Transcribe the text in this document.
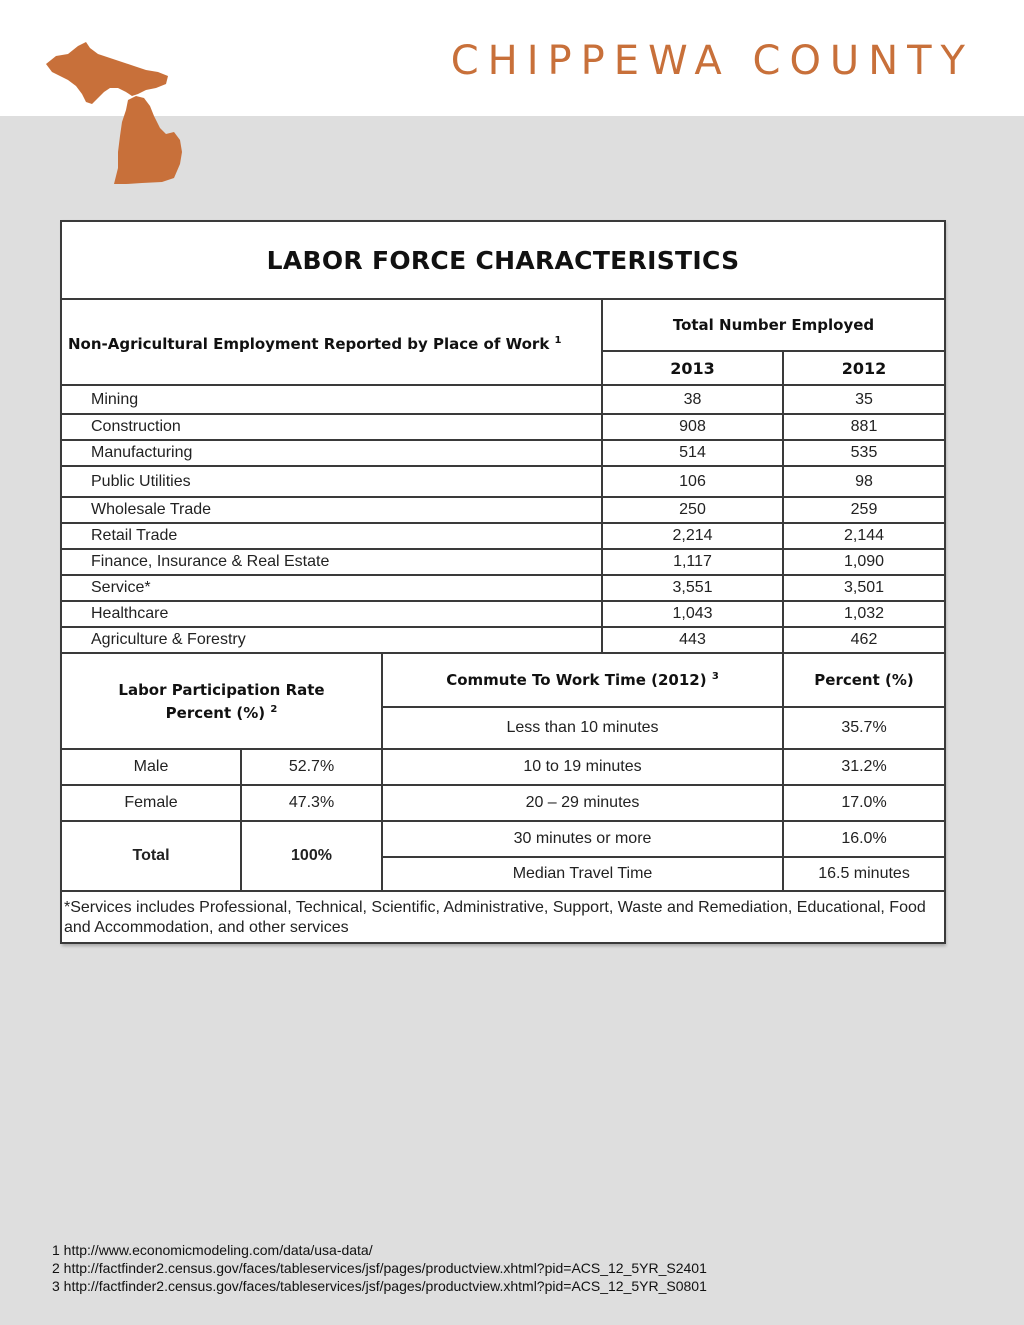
CHIPPEWA COUNTY
LABOR FORCE CHARACTERISTICS				
Non-Agricultural Employment Reported by Place of Work $^1$			Total Number Employed	
			2013	2012
Mining			38	35
Construction			908	881
Manufacturing			514	535
Public Utilities			106	98
Wholesale Trade			250	259
Retail Trade			2,214	2,144
Finance, Insurance & Real Estate			1,117	1,090
Service*			3,551	3,501
Healthcare			1,043	1,032
Agriculture & Forestry			443	462

Labor Participation Rate
Percent (%) $^2$		Commute To Work Time (2012) $^3$		Percent (%)
		Less than 10 minutes		35.7%
Male	52.7%	10 to 19 minutes		31.2%
Female	47.3%	20 – 29 minutes		17.0%
Total	100%	30 minutes or more		16.0%
		Median Travel Time		16.5 minutes
*Services includes Professional, Technical, Scientific, Administrative, Support, Waste and Remediation, Educational, Food and Accommodation, and other services				
1 http://www.economicmodeling.com/data/usa-data/
2 http://factfinder2.census.gov/faces/tableservices/jsf/pages/productview.xhtml?pid=ACS_12_5YR_S2401
3 http://factfinder2.census.gov/faces/tableservices/jsf/pages/productview.xhtml?pid=ACS_12_5YR_S0801
